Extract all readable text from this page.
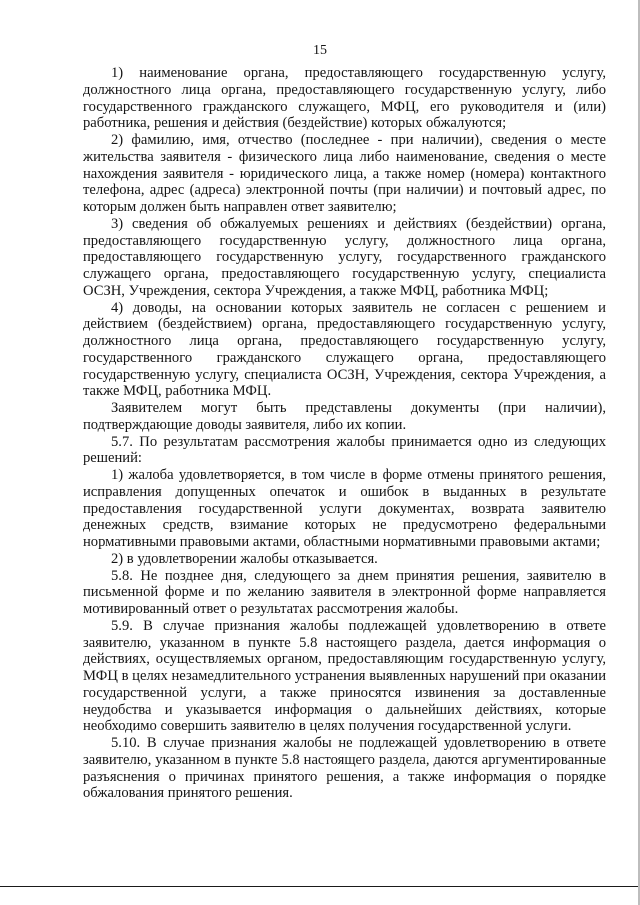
15

1) наименование органа, предоставляющего государственную услугу, должностного лица органа, предоставляющего государственную услугу, либо государственного гражданского служащего, МФЦ, его руководителя и (или) работника, решения и действия (бездействие) которых обжалуются;

2) фамилию, имя, отчество (последнее - при наличии), сведения о месте жительства заявителя - физического лица либо наименование, сведения о месте нахождения заявителя - юридического лица, а также номер (номера) контактного телефона, адрес (адреса) электронной почты (при наличии) и почтовый адрес, по которым должен быть направлен ответ заявителю;

3) сведения об обжалуемых решениях и действиях (бездействии) органа, предоставляющего государственную услугу, должностного лица органа, предоставляющего государственную услугу, государственного гражданского служащего органа, предоставляющего государственную услугу, специалиста ОСЗН, Учреждения, сектора Учреждения, а также МФЦ, работника МФЦ;

4) доводы, на основании которых заявитель не согласен с решением и действием (бездействием) органа, предоставляющего государственную услугу, должностного лица органа, предоставляющего государственную услугу, государственного гражданского служащего органа, предоставляющего государственную услугу, специалиста ОСЗН, Учреждения, сектора Учреждения, а также МФЦ, работника МФЦ.

Заявителем могут быть представлены документы (при наличии), подтверждающие доводы заявителя, либо их копии.

5.7. По результатам рассмотрения жалобы принимается одно из следующих решений:

1) жалоба удовлетворяется, в том числе в форме отмены принятого решения, исправления допущенных опечаток и ошибок в выданных в результате предоставления государственной услуги документах, возврата заявителю денежных средств, взимание которых не предусмотрено федеральными нормативными правовыми актами, областными нормативными правовыми актами;

2) в удовлетворении жалобы отказывается.

5.8. Не позднее дня, следующего за днем принятия решения, заявителю в письменной форме и по желанию заявителя в электронной форме направляется мотивированный ответ о результатах рассмотрения жалобы.

5.9. В случае признания жалобы подлежащей удовлетворению в ответе заявителю, указанном в пункте 5.8 настоящего раздела, дается информация о действиях, осуществляемых органом, предоставляющим государственную услугу, МФЦ в целях незамедлительного устранения выявленных нарушений при оказании государственной услуги, а также приносятся извинения за доставленные неудобства и указывается информация о дальнейших действиях, которые необходимо совершить заявителю в целях получения государственной услуги.

5.10. В случае признания жалобы не подлежащей удовлетворению в ответе заявителю, указанном в пункте 5.8 настоящего раздела, даются аргументированные разъяснения о причинах принятого решения, а также информация о порядке обжалования принятого решения.
